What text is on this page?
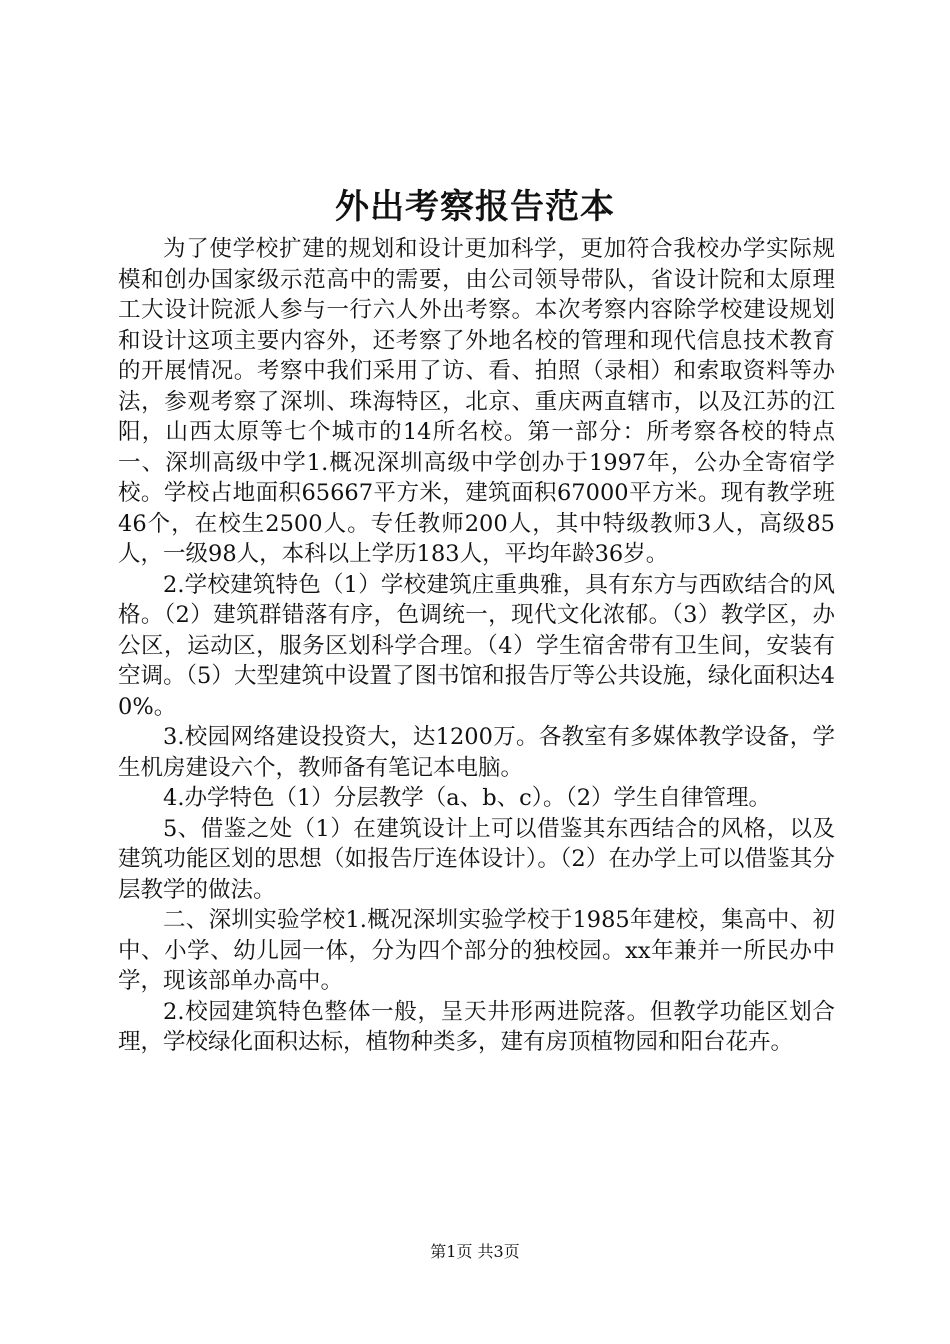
外出考察报告范本

为了使学校扩建的规划和设计更加科学，更加符合我校办学实际规模和创办国家级示范高中的需要，由公司领导带队，省设计院和太原理工大设计院派人参与一行六人外出考察。本次考察内容除学校建设规划和设计这项主要内容外，还考察了外地名校的管理和现代信息技术教育的开展情况。考察中我们采用了访、看、拍照（录相）和索取资料等办法，参观考察了深圳、珠海特区，北京、重庆两直辖市，以及江苏的江阳，山西太原等七个城市的14所名校。第一部分：所考察各校的特点一、深圳高级中学1.概况深圳高级中学创办于1997年，公办全寄宿学校。学校占地面积65667平方米，建筑面积67000平方米。现有教学班46个，在校生2500人。专任教师200人，其中特级教师3人，高级85人，一级98人，本科以上学历183人，平均年龄36岁。

2.学校建筑特色（1）学校建筑庄重典雅，具有东方与西欧结合的风格。（2）建筑群错落有序，色调统一，现代文化浓郁。（3）教学区，办公区，运动区，服务区划科学合理。（4）学生宿舍带有卫生间，安装有空调。（5）大型建筑中设置了图书馆和报告厅等公共设施，绿化面积达40%。

3.校园网络建设投资大，达1200万。各教室有多媒体教学设备，学生机房建设六个，教师备有笔记本电脑。

4.办学特色（1）分层教学（a、b、c）。（2）学生自律管理。

5、借鉴之处（1）在建筑设计上可以借鉴其东西结合的风格，以及建筑功能区划的思想（如报告厅连体设计）。（2）在办学上可以借鉴其分层教学的做法。

二、深圳实验学校1.概况深圳实验学校于1985年建校，集高中、初中、小学、幼儿园一体，分为四个部分的独校园。xx年兼并一所民办中学，现该部单办高中。

2.校园建筑特色整体一般，呈天井形两进院落。但教学功能区划合理，学校绿化面积达标，植物种类多，建有房顶植物园和阳台花卉。

第1页 共3页
